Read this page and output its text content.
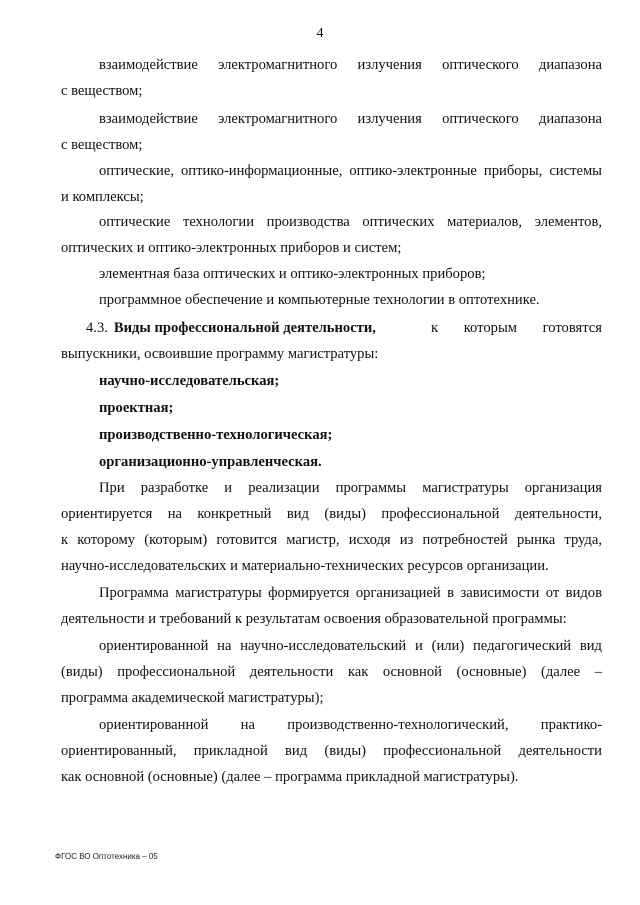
4
взаимодействие электромагнитного излучения оптического диапазона
с веществом;
взаимодействие электромагнитного излучения оптического диапазона
с веществом;
оптические, оптико-информационные, оптико-электронные приборы, системы
и комплексы;
оптические технологии производства оптических материалов, элементов,
оптических и оптико-электронных приборов и систем;
элементная база оптических и оптико-электронных приборов;
программное обеспечение и компьютерные технологии в оптотехнике.
4.3. Виды профессиональной деятельности,	к которым готовятся
выпускники, освоившие программу магистратуры:
научно-исследовательская;
проектная;
производственно-технологическая;
организационно-управленческая.
При разработке и реализации программы магистратуры организация
ориентируется на конкретный вид (виды) профессиональной деятельности,
к которому (которым) готовится магистр, исходя из потребностей рынка труда,
научно-исследовательских и материально-технических ресурсов организации.
Программа магистратуры формируется организацией в зависимости от видов
деятельности и требований к результатам освоения образовательной программы:
ориентированной на научно-исследовательский и (или) педагогический вид
(виды) профессиональной деятельности как основной (основные) (далее –
программа академической магистратуры);
ориентированной на производственно-технологический, практико-
ориентированный, прикладной вид (виды) профессиональной деятельности
как основной (основные) (далее – программа прикладной магистратуры).
ФГОС ВО Оптотехника – 05
